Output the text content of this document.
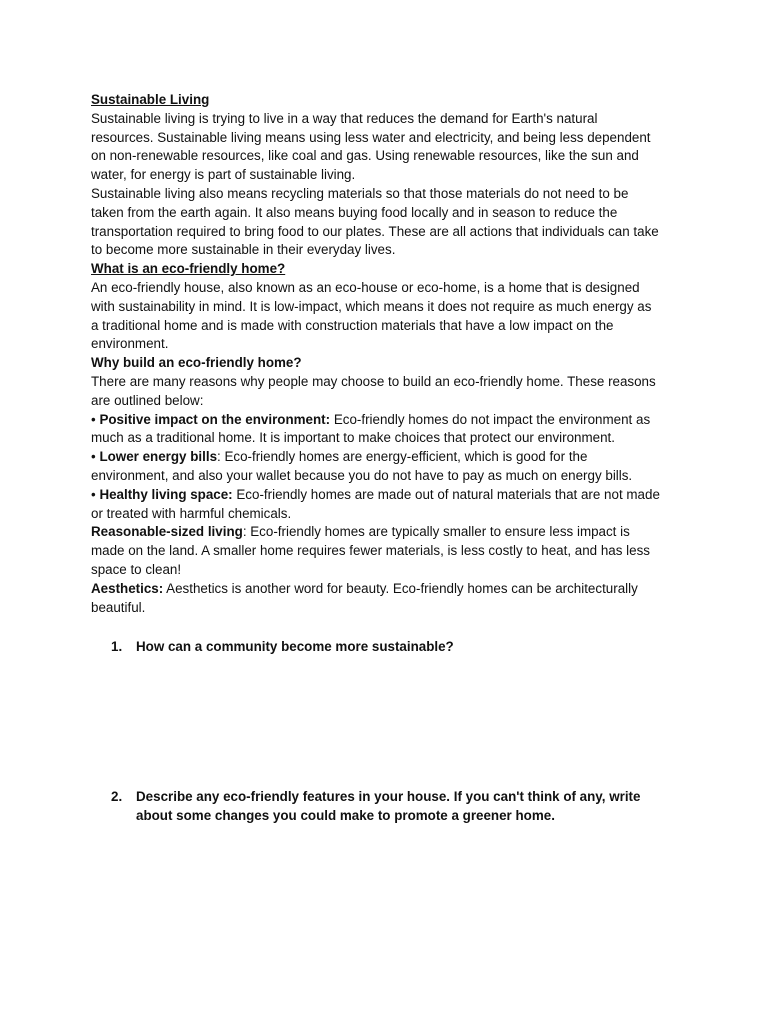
Sustainable Living
Sustainable living is trying to live in a way that reduces the demand for Earth's natural
resources. Sustainable living means using less water and electricity, and being less dependent
on non-renewable resources, like coal and gas. Using renewable resources, like the sun and
water, for energy is part of sustainable living.
Sustainable living also means recycling materials so that those materials do not need to be
taken from the earth again. It also means buying food locally and in season to reduce the
transportation required to bring food to our plates. These are all actions that individuals can take
to become more sustainable in their everyday lives.
What is an eco-friendly home?
An eco-friendly house, also known as an eco-house or eco-home, is a home that is designed
with sustainability in mind. It is low-impact, which means it does not require as much energy as
a traditional home and is made with construction materials that have a low impact on the
environment.
Why build an eco-friendly home?
There are many reasons why people may choose to build an eco-friendly home. These reasons
are outlined below:
• Positive impact on the environment: Eco-friendly homes do not impact the environment as
much as a traditional home. It is important to make choices that protect our environment.
• Lower energy bills: Eco-friendly homes are energy-efficient, which is good for the
environment, and also your wallet because you do not have to pay as much on energy bills.
• Healthy living space: Eco-friendly homes are made out of natural materials that are not made
or treated with harmful chemicals.
Reasonable-sized living: Eco-friendly homes are typically smaller to ensure less impact is
made on the land. A smaller home requires fewer materials, is less costly to heat, and has less
space to clean!
Aesthetics: Aesthetics is another word for beauty. Eco-friendly homes can be architecturally
beautiful.
1.	How can a community become more sustainable?
2.	Describe any eco-friendly features in your house. If you can't think of any, write
about some changes you could make to promote a greener home.
